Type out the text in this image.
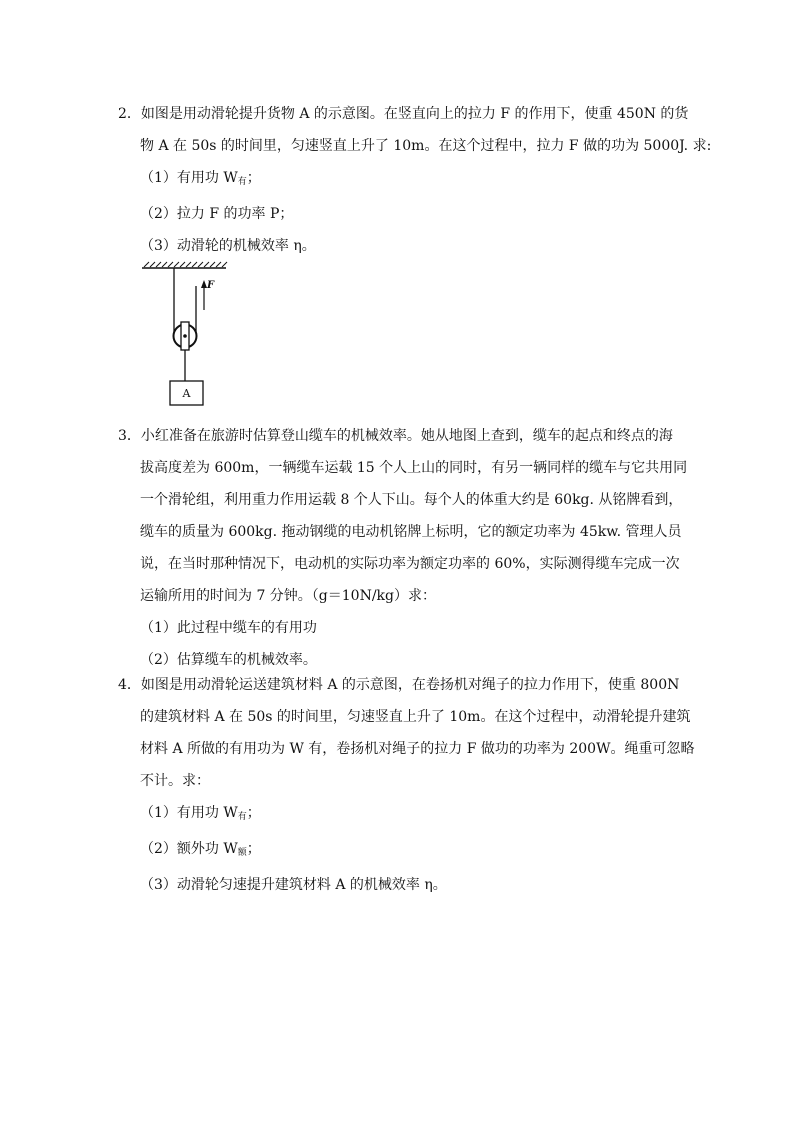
2．如图是用动滑轮提升货物 A 的示意图。在竖直向上的拉力 F 的作用下，使重 450N 的货
物 A 在 50s 的时间里，匀速竖直上升了 10m。在这个过程中，拉力 F 做的功为 5000J. 求:
（1）有用功 W有；
（2）拉力 F 的功率 P；
（3）动滑轮的机械效率 η。
F
A
3．小红准备在旅游时估算登山缆车的机械效率。她从地图上查到，缆车的起点和终点的海
拔高度差为 600m，一辆缆车运载 15 个人上山的同时，有另一辆同样的缆车与它共用同
一个滑轮组，利用重力作用运载 8 个人下山。每个人的体重大约是 60kg. 从铭牌看到，
缆车的质量为 600kg. 拖动钢缆的电动机铭牌上标明，它的额定功率为 45kw. 管理人员
说，在当时那种情况下，电动机的实际功率为额定功率的 60%，实际测得缆车完成一次
运输所用的时间为 7 分钟。（g＝10N/kg）求：
（1）此过程中缆车的有用功
（2）估算缆车的机械效率。
4．如图是用动滑轮运送建筑材料 A 的示意图，在卷扬机对绳子的拉力作用下，使重 800N
的建筑材料 A 在 50s 的时间里，匀速竖直上升了 10m。在这个过程中，动滑轮提升建筑
材料 A 所做的有用功为 W 有，卷扬机对绳子的拉力 F 做功的功率为 200W。绳重可忽略
不计。求：
（1）有用功 W有；
（2）额外功 W额；
（3）动滑轮匀速提升建筑材料 A 的机械效率 η。
